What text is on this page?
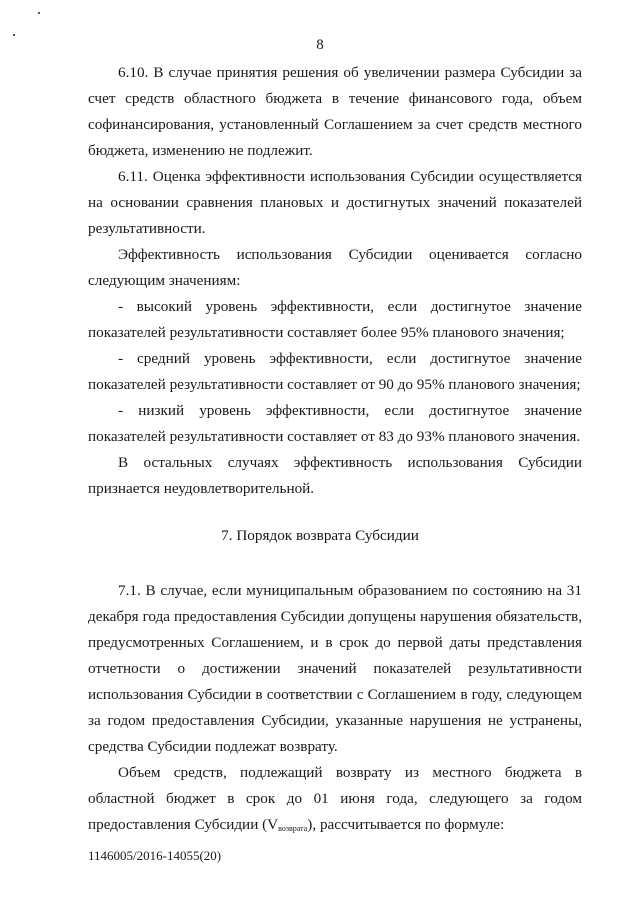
8
6.10. В случае принятия решения об увеличении размера Субсидии за
счет средств областного бюджета в течение финансового года, объем
софинансирования, установленный Соглашением за счет средств местного
бюджета, изменению не подлежит.
6.11. Оценка эффективности использования Субсидии осуществляется
на основании сравнения плановых и достигнутых значений показателей
результативности.
Эффективность использования Субсидии оценивается согласно
следующим значениям:
- высокий уровень эффективности, если достигнутое значение
показателей результативности составляет более 95% планового значения;
- средний уровень эффективности, если достигнутое значение
показателей результативности составляет от 90 до 95% планового значения;
- низкий уровень эффективности, если достигнутое значение
показателей результативности составляет от 83 до 93% планового значения.
В остальных случаях эффективность использования Субсидии
признается неудовлетворительной.
7. Порядок возврата Субсидии
7.1. В случае, если муниципальным образованием по состоянию на 31
декабря года предоставления Субсидии допущены нарушения обязательств,
предусмотренных Соглашением, и в срок до первой даты представления
отчетности о достижении значений показателей результативности
использования Субсидии в соответствии с Соглашением в году, следующем
за годом предоставления Субсидии, указанные нарушения не устранены,
средства Субсидии подлежат возврату.
Объем средств, подлежащий возврату из местного бюджета в
областной бюджет в срок до 01 июня года, следующего за годом
предоставления Субсидии $(V_{возврата})$, рассчитывается по формуле:
1146005/2016-14055(20)
